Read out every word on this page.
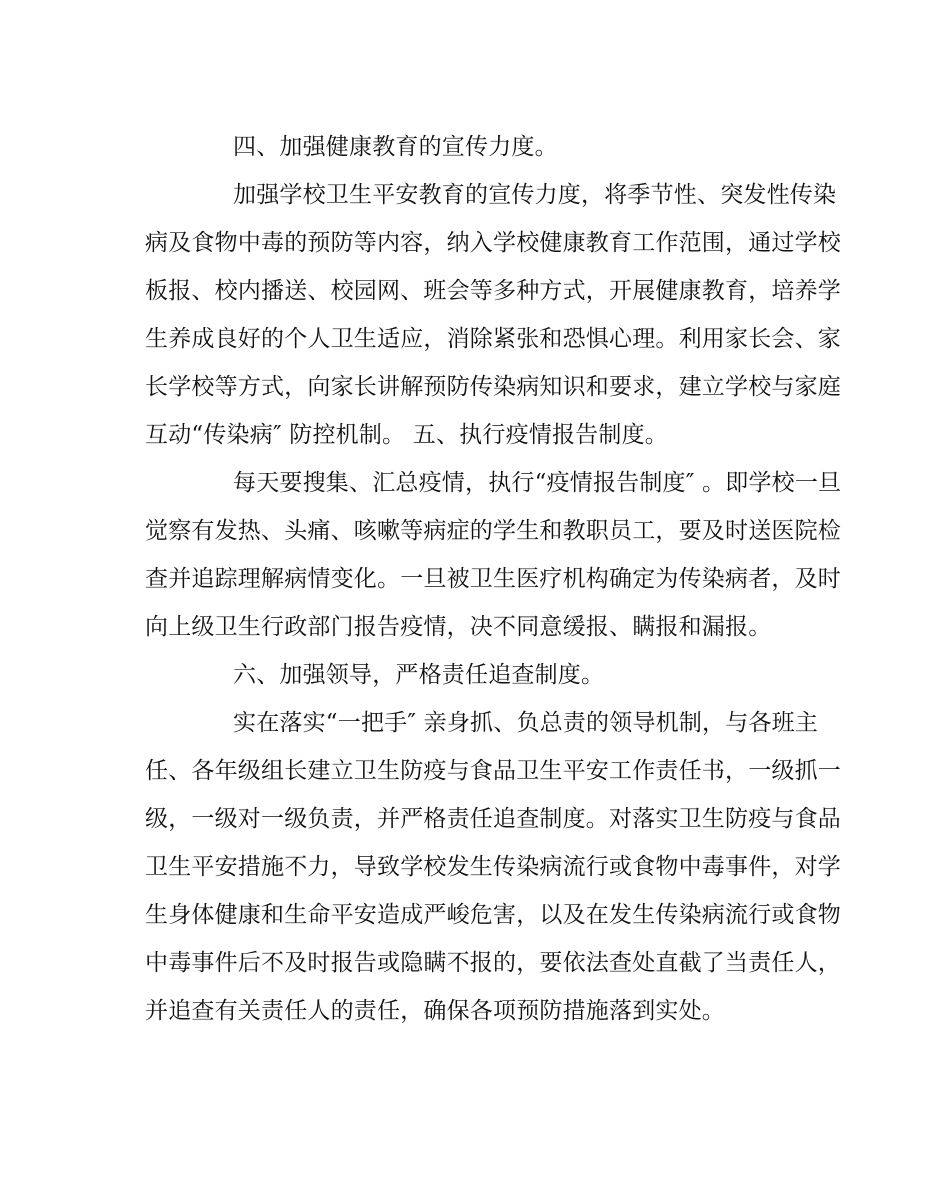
四、加强健康教育的宣传力度。
加强学校卫生平安教育的宣传力度，将季节性、突发性传染
病及食物中毒的预防等内容，纳入学校健康教育工作范围，通过学校
板报、校内播送、校园网、班会等多种方式，开展健康教育，培养学
生养成良好的个人卫生适应，消除紧张和恐惧心理。利用家长会、家
长学校等方式，向家长讲解预防传染病知识和要求，建立学校与家庭
互动“传染病″ 防控机制。 五、执行疫情报告制度。
每天要搜集、汇总疫情，执行“疫情报告制度″ 。即学校一旦
觉察有发热、头痛、咳嗽等病症的学生和教职员工，要及时送医院检
查并追踪理解病情变化。一旦被卫生医疗机构确定为传染病者，及时
向上级卫生行政部门报告疫情，决不同意缓报、瞒报和漏报。
六、加强领导，严格责任追查制度。
实在落实“一把手″ 亲身抓、负总责的领导机制，与各班主
任、各年级组长建立卫生防疫与食品卫生平安工作责任书，一级抓一
级，一级对一级负责，并严格责任追查制度。对落实卫生防疫与食品
卫生平安措施不力，导致学校发生传染病流行或食物中毒事件，对学
生身体健康和生命平安造成严峻危害，以及在发生传染病流行或食物
中毒事件后不及时报告或隐瞒不报的，要依法查处直截了当责任人，
并追查有关责任人的责任，确保各项预防措施落到实处。
